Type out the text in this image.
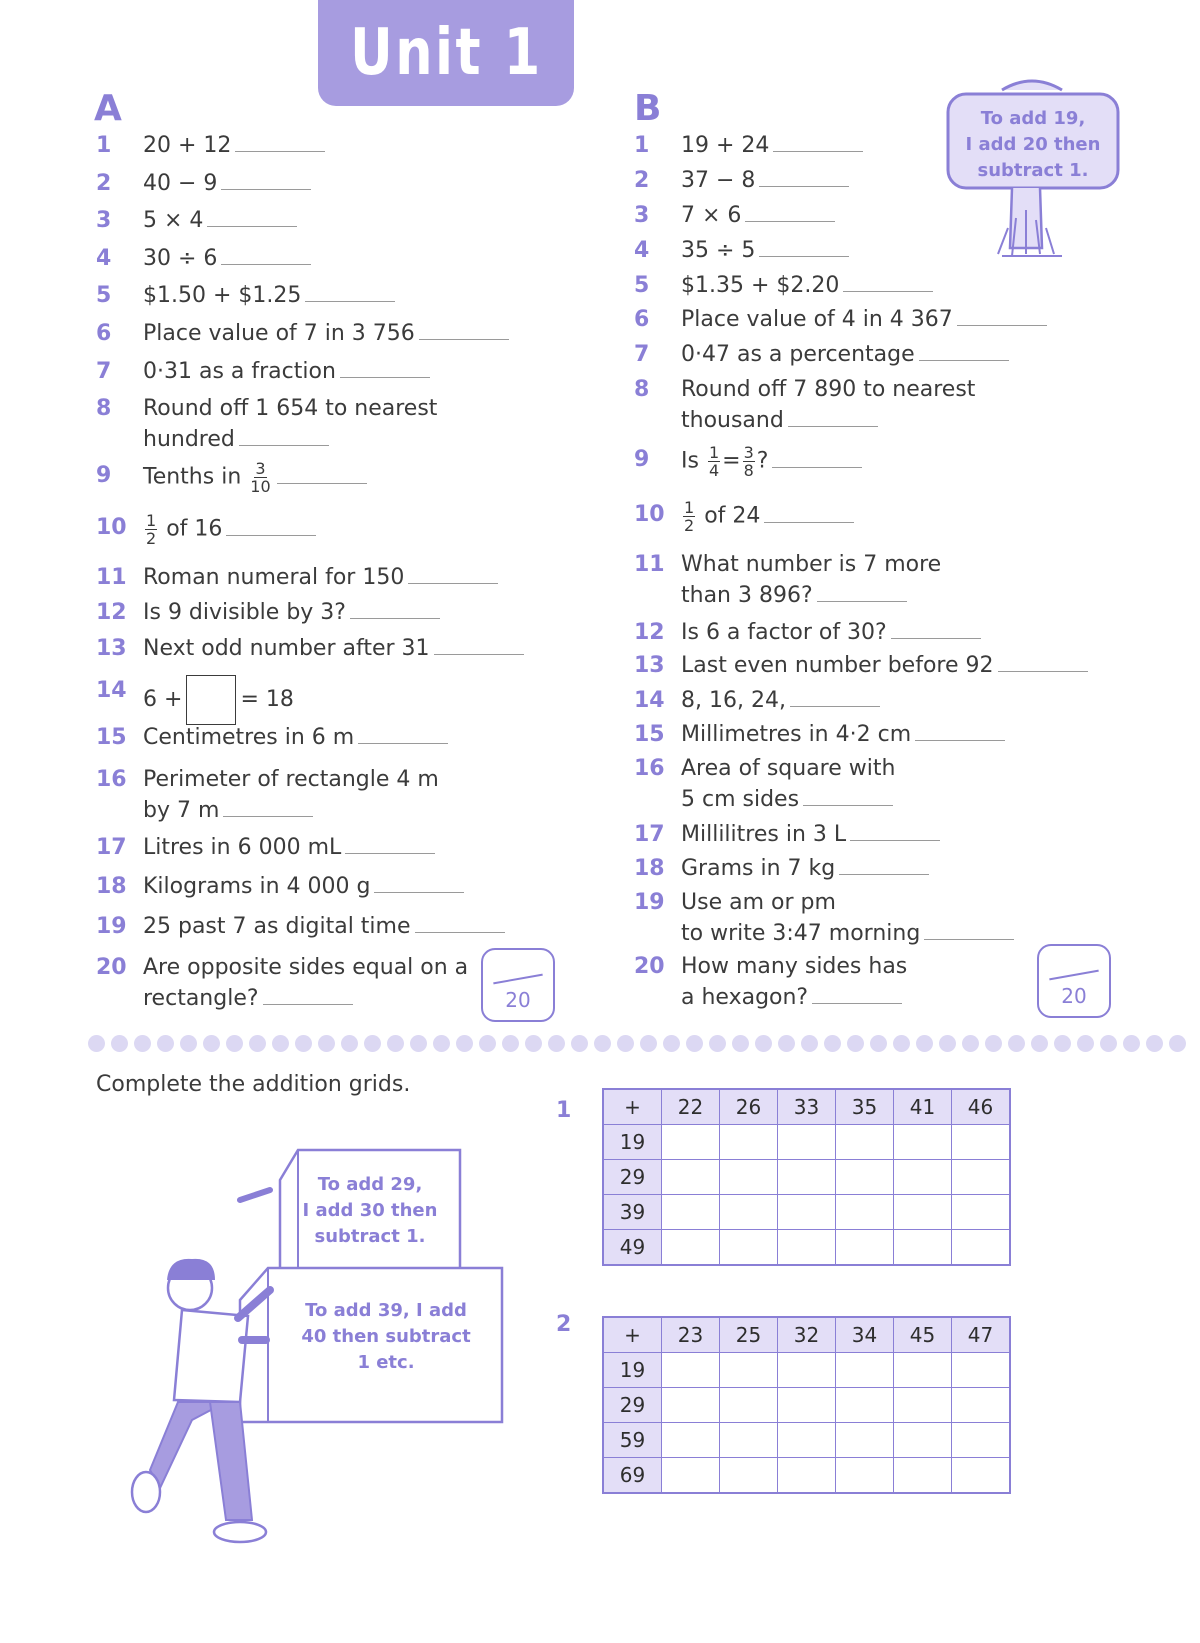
Unit 1
A	B
1 20 + 12
2 40 − 9
3 5 × 4
4 30 ÷ 6
5 $1.50 + $1.25
6 Place value of 7 in 3 756
7 0·31 as a fraction
8 Round off 1 654 to nearest
hundred
9 Tenths in $\frac{3}{10}$
$10 \frac{1}{2}$ of 16
11 Roman numeral for 150
12 Is 9 divisible by 3?
13 Next odd number after 31
14 6 +	= 18
15 Centimetres in 6 m
16 Perimeter of rectangle 4 m
by 7 m
17 Litres in 6 000 mL
18 Kilograms in 4 000 g
19 25 past 7 as digital time
20 Are opposite sides equal on a
rectangle?
1 19 + 24
2 37 − 8
3 7 × 6
4 35 ÷ 5
5 $1.35 + $2.20
6 Place value of 4 in 4 367
7 0·47 as a percentage
8 Round off 7 890 to nearest
thousand
9 Is $\frac{1}{4} = \frac{3}{8}$ ?
$10 \frac{1}{2}$ of 24
11 What number is 7 more
than 3 896?
12 Is 6 a factor of 30?
13 Last even number before 92
14 8, 16, 24,
15 Millimetres in 4·2 cm
16 Area of square with
5 cm sides
17 Millilitres in 3 L
18 Grams in 7 kg
19 Use am or pm
to write 3:47 morning
20 How many sides has
a hexagon?
20	20
To add 19,
I add 20 then
subtract 1.
Complete the addition grids.
To add 29,
I add 30 then
subtract 1.
To add 39, I add
40 then subtract
1 etc.
1	+	22	26	33	35	41	46
19						
29						
39						
49						
2	+	23	25	32	34	45	47
19						
29						
59						
69						
